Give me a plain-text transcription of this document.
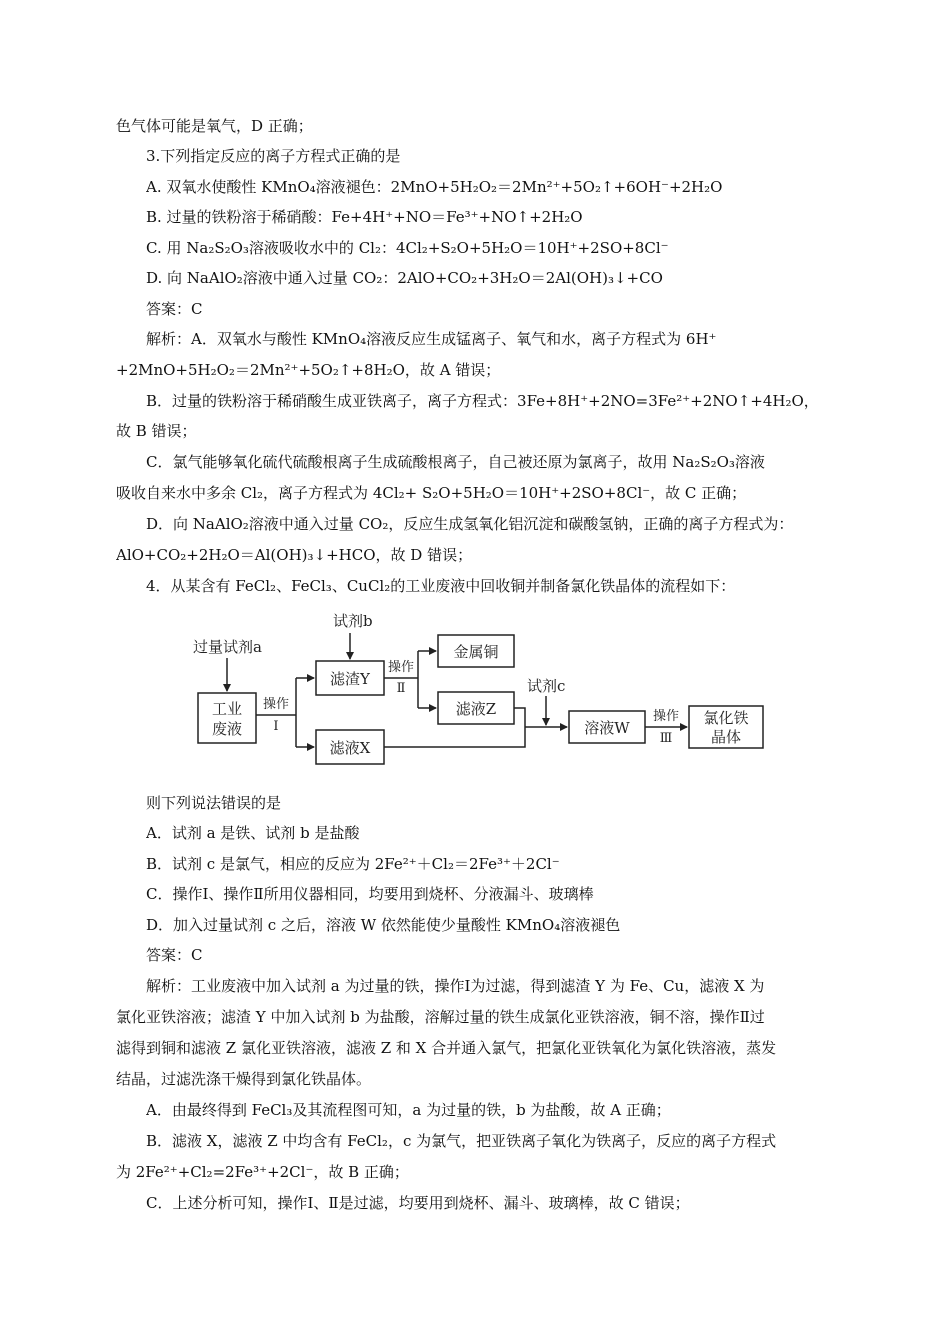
色气体可能是氧气，D 正确；
3.下列指定反应的离子方程式正确的是
A. 双氧水使酸性 KMnO₄溶液褪色：2MnO+5H₂O₂＝2Mn²⁺+5O₂↑+6OH⁻+2H₂O
B. 过量的铁粉溶于稀硝酸：Fe+4H⁺+NO＝Fe³⁺+NO↑+2H₂O
C. 用 Na₂S₂O₃溶液吸收水中的 Cl₂：4Cl₂+S₂O+5H₂O＝10H⁺+2SO+8Cl⁻
D. 向 NaAlO₂溶液中通入过量 CO₂：2AlO+CO₂+3H₂O＝2Al(OH)₃↓+CO
答案：C
解析：A．双氧水与酸性 KMnO₄溶液反应生成锰离子、氧气和水，离子方程式为 6H⁺
+2MnO+5H₂O₂＝2Mn²⁺+5O₂↑+8H₂O，故 A 错误；
B．过量的铁粉溶于稀硝酸生成亚铁离子，离子方程式：3Fe+8H⁺+2NO=3Fe²⁺+2NO↑+4H₂O，
故 B 错误；
C．氯气能够氧化硫代硫酸根离子生成硫酸根离子，自己被还原为氯离子，故用 Na₂S₂O₃溶液
吸收自来水中多余 Cl₂，离子方程式为 4Cl₂+ S₂O+5H₂O＝10H⁺+2SO+8Cl⁻，故 C 正确；
D．向 NaAlO₂溶液中通入过量 CO₂，反应生成氢氧化铝沉淀和碳酸氢钠，正确的离子方程式为：
AlO+CO₂+2H₂O＝Al(OH)₃↓+HCO，故 D 错误；
4．从某含有 FeCl₂、FeCl₃、CuCl₂的工业废液中回收铜并制备氯化铁晶体的流程如下：
过量试剂a
试剂b
试剂c
工业
废液
滤渣Y
滤液X
金属铜
滤液Z
溶液W
氯化铁
晶体
操作
Ⅰ
操作
Ⅱ
操作
Ⅲ
则下列说法错误的是
A．试剂 a 是铁、试剂 b 是盐酸
B．试剂 c 是氯气，相应的反应为 2Fe²⁺＋Cl₂＝2Fe³⁺＋2Cl⁻
C．操作Ⅰ、操作Ⅱ所用仪器相同，均要用到烧杯、分液漏斗、玻璃棒
D．加入过量试剂 c 之后，溶液 W 依然能使少量酸性 KMnO₄溶液褪色
答案：C
解析：工业废液中加入试剂 a 为过量的铁，操作Ⅰ为过滤，得到滤渣 Y 为 Fe、Cu，滤液 X 为
氯化亚铁溶液；滤渣 Y 中加入试剂 b 为盐酸，溶解过量的铁生成氯化亚铁溶液，铜不溶，操作Ⅱ过
滤得到铜和滤液 Z 氯化亚铁溶液，滤液 Z 和 X 合并通入氯气，把氯化亚铁氧化为氯化铁溶液，蒸发
结晶，过滤洗涤干燥得到氯化铁晶体。
A．由最终得到 FeCl₃及其流程图可知，a 为过量的铁，b 为盐酸，故 A 正确；
B．滤液 X，滤液 Z 中均含有 FeCl₂，c 为氯气，把亚铁离子氧化为铁离子，反应的离子方程式
为 2Fe²⁺+Cl₂=2Fe³⁺+2Cl⁻，故 B 正确；
C．上述分析可知，操作Ⅰ、Ⅱ是过滤，均要用到烧杯、漏斗、玻璃棒，故 C 错误；
